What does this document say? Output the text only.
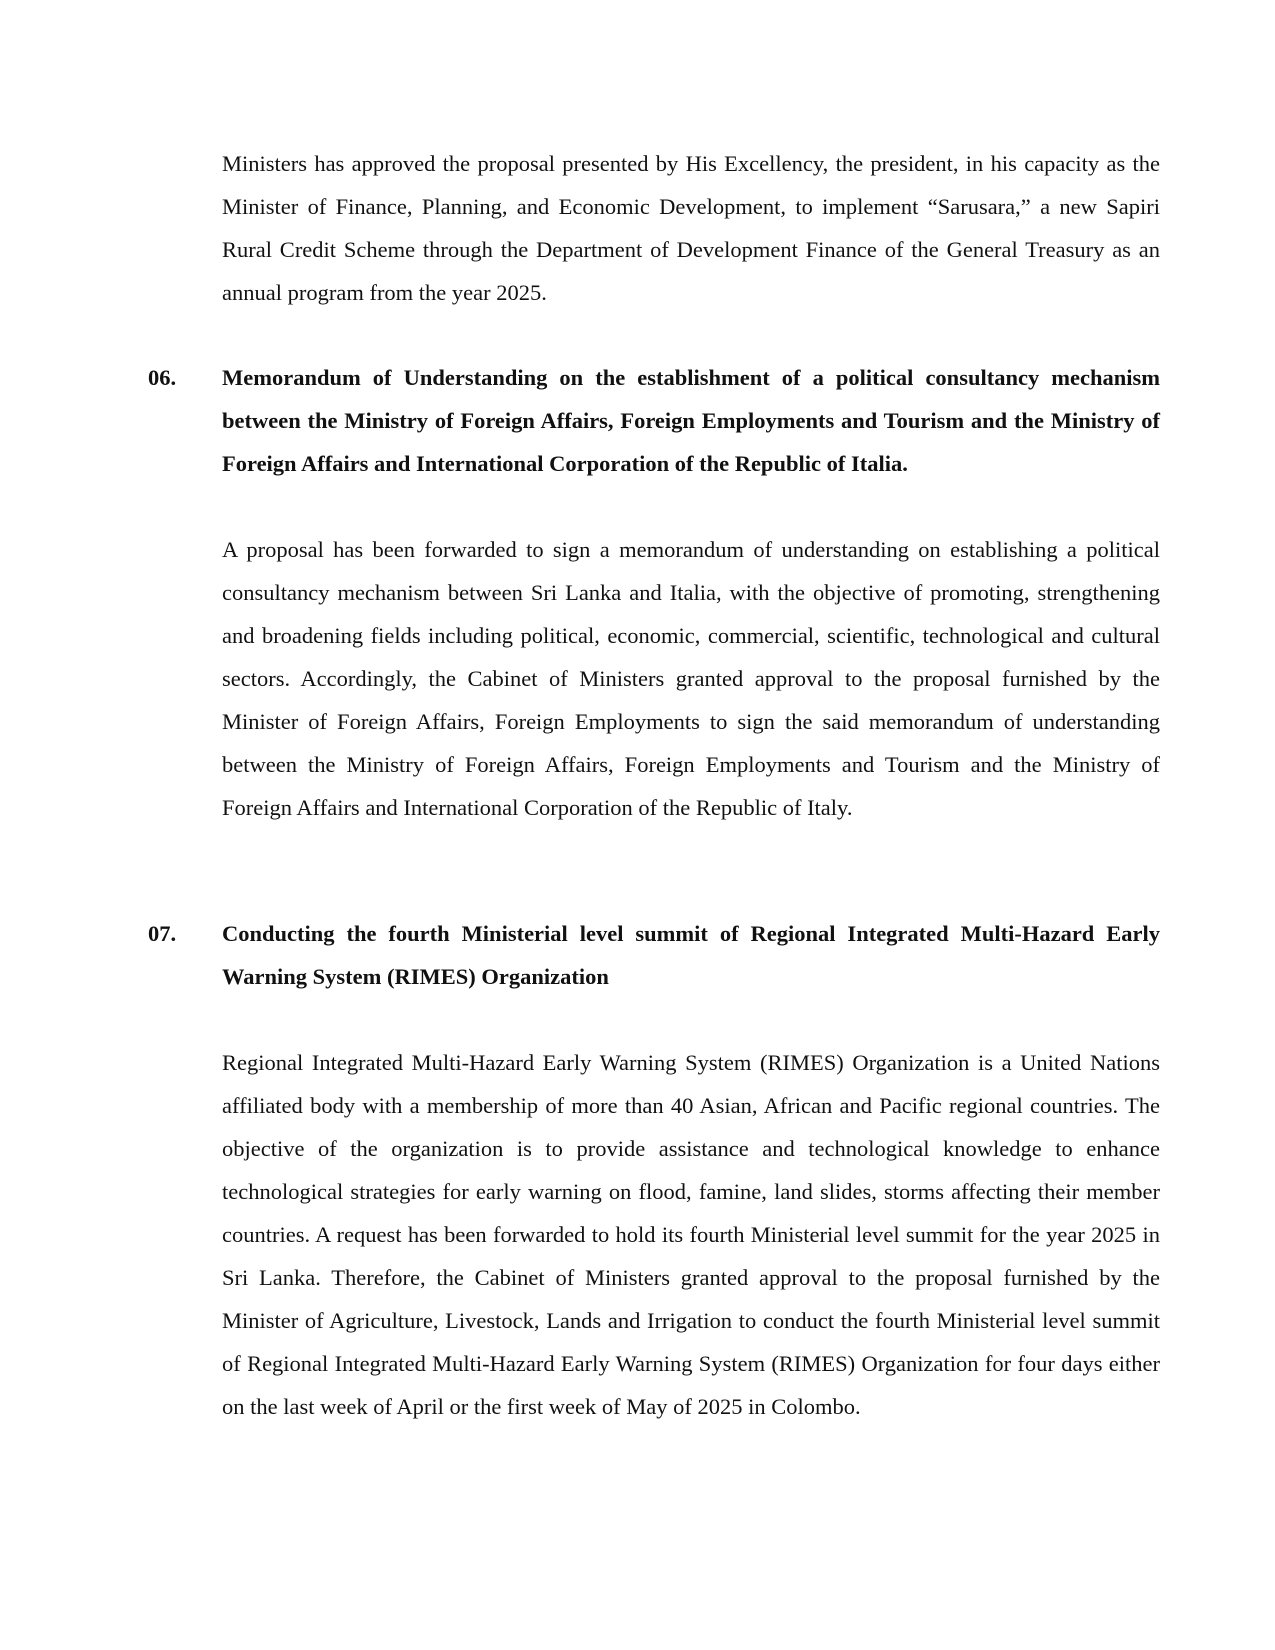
Ministers has approved the proposal presented by His Excellency, the president, in his capacity as the Minister of Finance, Planning, and Economic Development, to implement “Sarusara,” a new Sapiri Rural Credit Scheme through the Department of Development Finance of the General Treasury as an annual program from the year 2025.

06. Memorandum of Understanding on the establishment of a political consultancy mechanism between the Ministry of Foreign Affairs, Foreign Employments and Tourism and the Ministry of Foreign Affairs and International Corporation of the Republic of Italia.

A proposal has been forwarded to sign a memorandum of understanding on establishing a political consultancy mechanism between Sri Lanka and Italia, with the objective of promoting, strengthening and broadening fields including political, economic, commercial, scientific, technological and cultural sectors. Accordingly, the Cabinet of Ministers granted approval to the proposal furnished by the Minister of Foreign Affairs, Foreign Employments to sign the said memorandum of understanding between the Ministry of Foreign Affairs, Foreign Employments and Tourism and the Ministry of Foreign Affairs and International Corporation of the Republic of Italy.

07. Conducting the fourth Ministerial level summit of Regional Integrated Multi-Hazard Early Warning System (RIMES) Organization

Regional Integrated Multi-Hazard Early Warning System (RIMES) Organization is a United Nations affiliated body with a membership of more than 40 Asian, African and Pacific regional countries. The objective of the organization is to provide assistance and technological knowledge to enhance technological strategies for early warning on flood, famine, land slides, storms affecting their member countries. A request has been forwarded to hold its fourth Ministerial level summit for the year 2025 in Sri Lanka. Therefore, the Cabinet of Ministers granted approval to the proposal furnished by the Minister of Agriculture, Livestock, Lands and Irrigation to conduct the fourth Ministerial level summit of Regional Integrated Multi-Hazard Early Warning System (RIMES) Organization for four days either on the last week of April or the first week of May of 2025 in Colombo.
